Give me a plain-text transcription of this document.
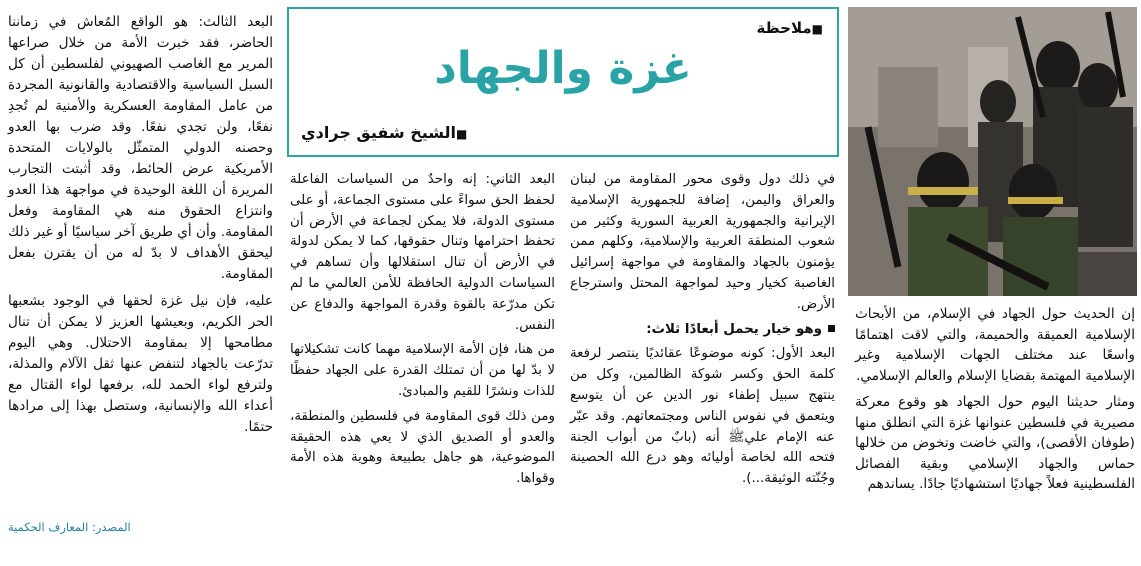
■ملاحظة
غزة والجهاد
■الشيخ شفيق جرادي

إن الحديث حول الجهاد في الإسلام، من الأبحاث الإسلامية العميقة والحميمة، والتي لاقت اهتمامًا واسعًا عند مختلف الجهات الإسلامية وغير الإسلامية المهتمة بقضايا الإسلام والعالم الإسلامي.

ومثار حديثنا اليوم حول الجهاد هو وقوع معركة مصيرية في فلسطين عنوانها غزة التي انطلق منها (طوفان الأقصى)، والتي خاضت وتخوض من خلالها حماس والجهاد الإسلامي وبقية الفصائل الفلسطينية فعلاً جهاديًا استشهاديًا جادًا. يساندهم

في ذلك دول وقوى محور المقاومة من لبنان والعراق واليمن، إضافة للجمهورية الإسلامية الإيرانية والجمهورية العربية السورية وكثير من شعوب المنطقة العربية والإسلامية، وكلهم ممن يؤمنون بالجهاد والمقاومة في مواجهة إسرائيل الغاصبة كخيار وحيد لمواجهة المحتل واسترجاع الأرض.

وهو خيار يحمل أبعادًا ثلاث:

البعد الأول: كونه موضوعًا عقائديًا ينتصر لرفعة كلمة الحق وكسر شوكة الظالمين، وكل من ينتهج سبيل إطفاء نور الدين عن أن يتوسع ويتعمق في نفوس الناس ومجتمعاتهم. وقد عبّر عنه الإمام عليﷺ أنه (بابٌ من أبواب الجنة فتحه الله لخاصة أوليائه وهو درع الله الحصينة وجُنّته الوثيقة...).

البعد الثاني: إنه واحدٌ من السياسات الفاعلة لحفظ الحق سواءً على مستوى الجماعة، أو على مستوى الدولة، فلا يمكن لجماعة في الأرض أن تحفظ احترامها وتنال حقوقها، كما لا يمكن لدولة في الأرض أن تنال استقلالها وأن تساهم في السياسات الدولية الحافظة للأمن العالمي ما لم تكن مدرّعة بالقوة وقدرة المواجهة والدفاع عن النفس.

من هنا، فإن الأمة الإسلامية مهما كانت تشكيلاتها لا بدّ لها من أن تمتلك القدرة على الجهاد حفظًا للذات ونشرًا للقيم والمبادئ.

ومن ذلك قوى المقاومة في فلسطين والمنطقة، والعدو أو الصديق الذي لا يعي هذه الحقيقة الموضوعية، هو جاهل بطبيعة وهوية هذه الأمة وقواها.

البعد الثالث: هو الواقع المُعاش في زماننا الحاضر، فقد خبرت الأمة من خلال صراعها المرير مع الغاصب الصهيوني لفلسطين أن كل السبل السياسية والاقتصادية والقانونية المجردة من عامل المقاومة العسكرية والأمنية لم تُجدِ نفعًا، ولن تجدي نفعًا. وقد ضرب بها العدو وحصنه الدولي المتمثّل بالولايات المتحدة الأمريكية عرض الحائط، وقد أثبتت التجارب المريرة أن اللغة الوحيدة في مواجهة هذا العدو وانتزاع الحقوق منه هي المقاومة وفعل المقاومة. وأن أي طريق آخر سياسيًا أو غير ذلك ليحقق الأهداف لا بدّ له من أن يقترن بفعل المقاومة.

عليه، فإن نيل غزة لحقها في الوجود بشعبها الحر الكريم، وبعيشها العزيز لا يمكن أن تنال مطامحها إلا بمقاومة الاحتلال. وهي اليوم تدرّعت بالجهاد لتنفض عنها ثقل الآلام والمذلة، ولترفع لواء الحمد لله، برفعها لواء القتال مع أعداء الله والإنسانية، وستصل بهذا إلى مرادها حتمًا.

المصدر: المعارف الحكمية
